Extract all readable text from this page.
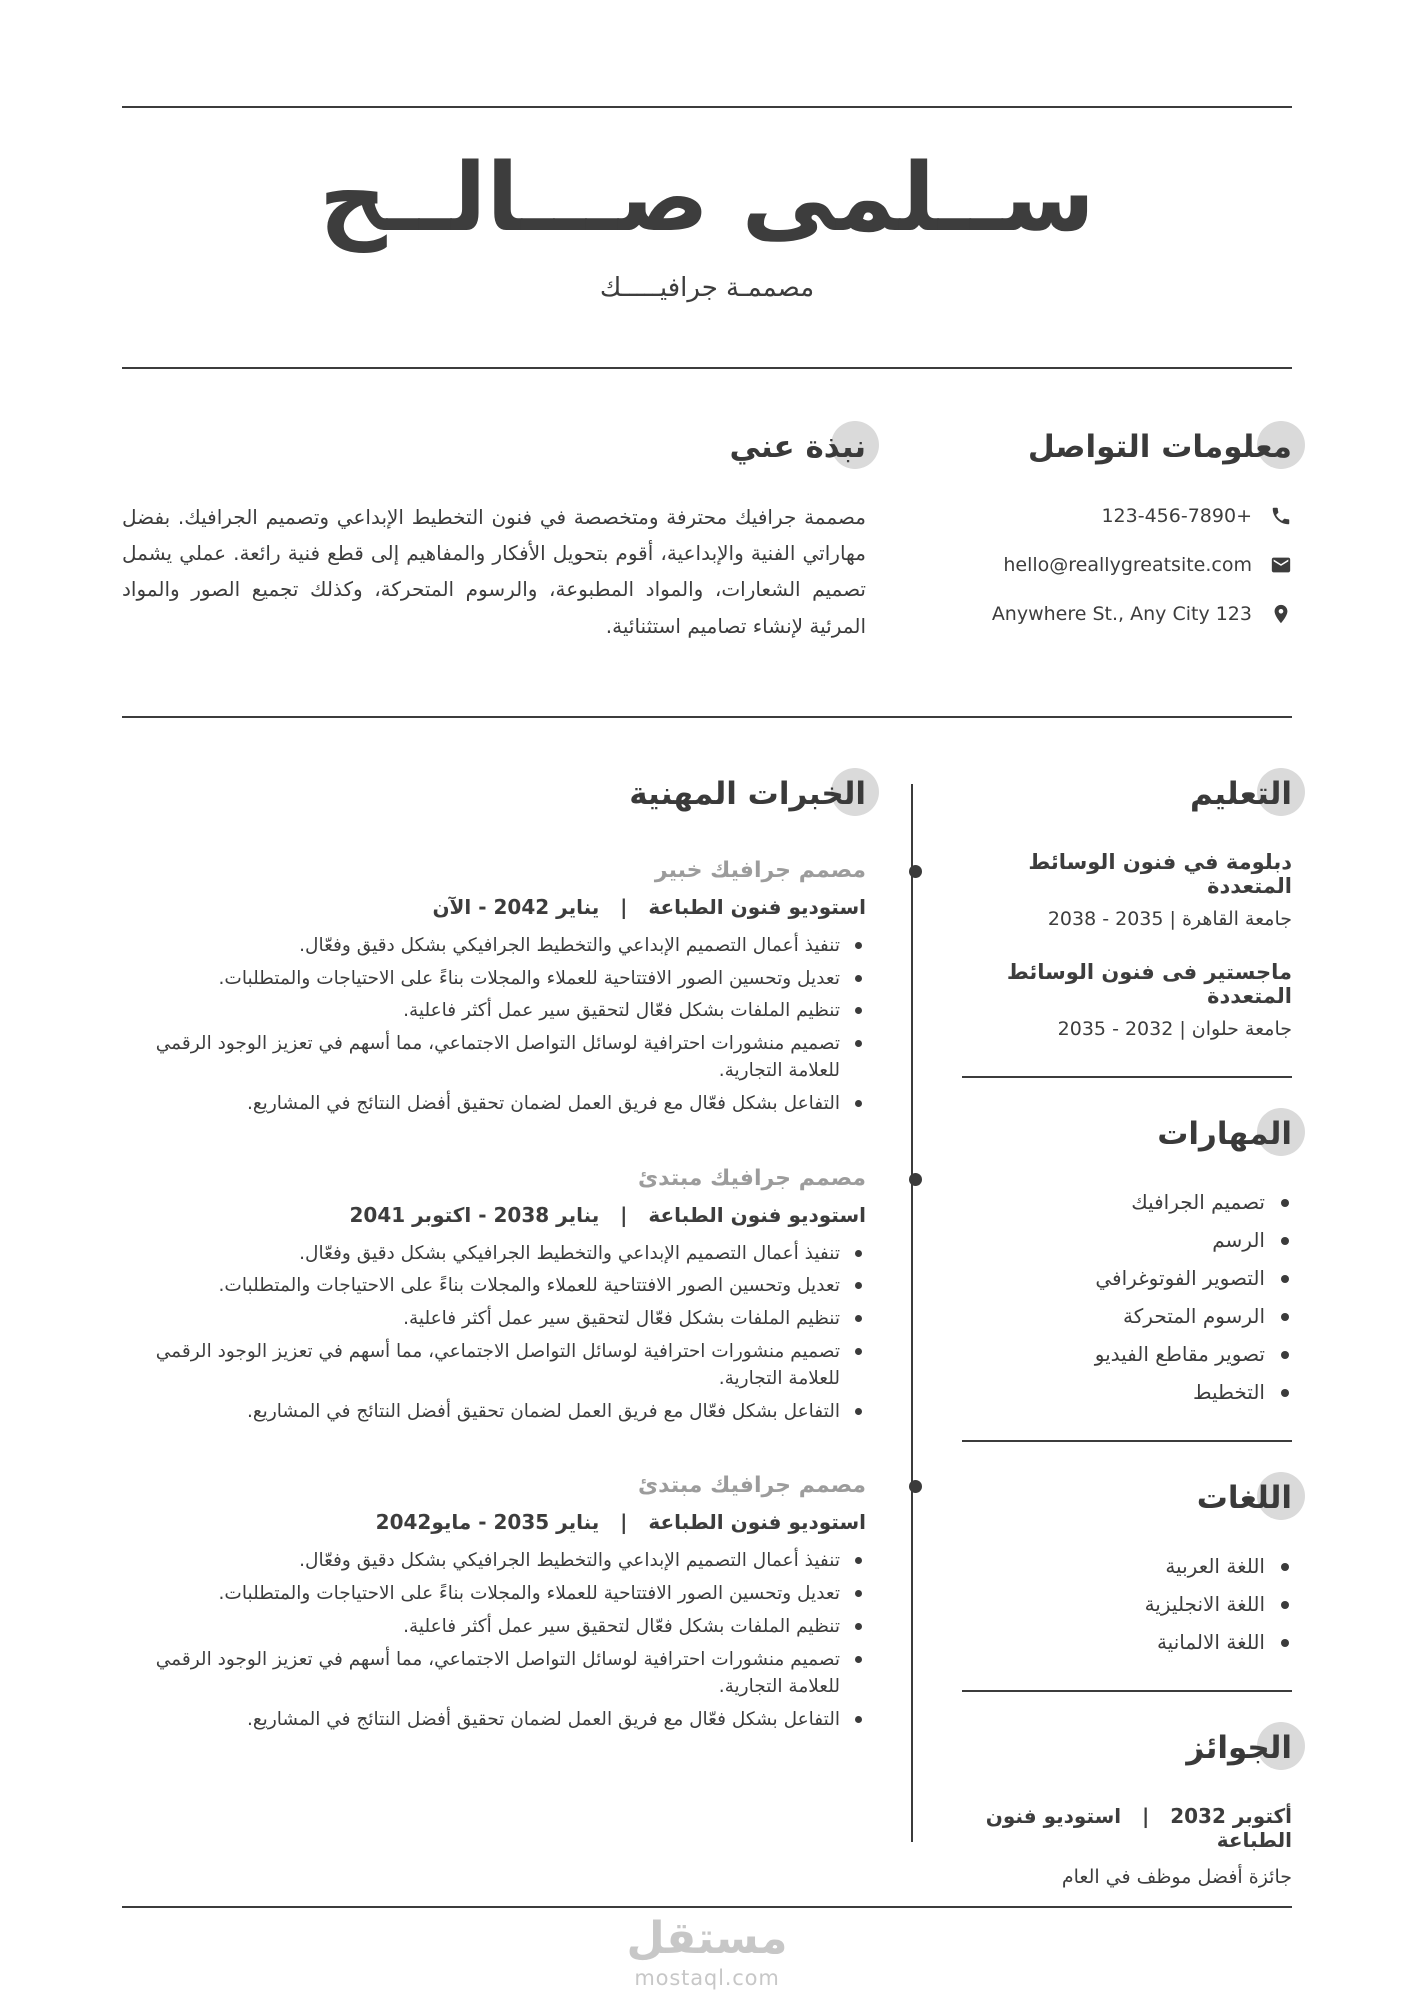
ســلمى صـــالــح
مصممـة جرافيـــــك
معلومات التواصل
+123-456-7890
hello@reallygreatsite.com
Anywhere St., Any City 123
نبذة عني

مصممة جرافيك محترفة ومتخصصة في فنون التخطيط الإبداعي وتصميم الجرافيك. بفضل مهاراتي الفنية والإبداعية، أقوم بتحويل الأفكار والمفاهيم إلى قطع فنية رائعة. عملي يشمل تصميم الشعارات، والمواد المطبوعة، والرسوم المتحركة، وكذلك تجميع الصور والمواد المرئية لإنشاء تصاميم استثنائية.

التعليم
دبلومة في فنون الوسائط المتعددة
جامعة القاهرة | 2035 - 2038
ماجستير فى فنون الوسائط المتعددة
جامعة حلوان | 2032 - 2035
المهارات
تصميم الجرافيك
الرسم
التصوير الفوتوغرافي
الرسوم المتحركة
تصوير مقاطع الفيديو
التخطيط
اللغات
اللغة العربية
اللغة الانجليزية
اللغة الالمانية
الجوائز
أكتوبر 2032   |   استوديو فنون الطباعة
جائزة أفضل موظف في العام
الخبرات المهنية
مصمم جرافيك خبير
استوديو فنون الطباعة   |   يناير 2042 - الآن
تنفيذ أعمال التصميم الإبداعي والتخطيط الجرافيكي بشكل دقيق وفعّال.
تعديل وتحسين الصور الافتتاحية للعملاء والمجلات بناءً على الاحتياجات والمتطلبات.
تنظيم الملفات بشكل فعّال لتحقيق سير عمل أكثر فاعلية.
تصميم منشورات احترافية لوسائل التواصل الاجتماعي، مما أسهم في تعزيز الوجود الرقمي للعلامة التجارية.
التفاعل بشكل فعّال مع فريق العمل لضمان تحقيق أفضل النتائج في المشاريع.
مصمم جرافيك مبتدئ
استوديو فنون الطباعة   |   يناير 2038 - اكتوبر 2041
تنفيذ أعمال التصميم الإبداعي والتخطيط الجرافيكي بشكل دقيق وفعّال.
تعديل وتحسين الصور الافتتاحية للعملاء والمجلات بناءً على الاحتياجات والمتطلبات.
تنظيم الملفات بشكل فعّال لتحقيق سير عمل أكثر فاعلية.
تصميم منشورات احترافية لوسائل التواصل الاجتماعي، مما أسهم في تعزيز الوجود الرقمي للعلامة التجارية.
التفاعل بشكل فعّال مع فريق العمل لضمان تحقيق أفضل النتائج في المشاريع.
مصمم جرافيك مبتدئ
استوديو فنون الطباعة   |   يناير 2035 - مايو2042
تنفيذ أعمال التصميم الإبداعي والتخطيط الجرافيكي بشكل دقيق وفعّال.
تعديل وتحسين الصور الافتتاحية للعملاء والمجلات بناءً على الاحتياجات والمتطلبات.
تنظيم الملفات بشكل فعّال لتحقيق سير عمل أكثر فاعلية.
تصميم منشورات احترافية لوسائل التواصل الاجتماعي، مما أسهم في تعزيز الوجود الرقمي للعلامة التجارية.
التفاعل بشكل فعّال مع فريق العمل لضمان تحقيق أفضل النتائج في المشاريع.
مستقل
mostaql.com
